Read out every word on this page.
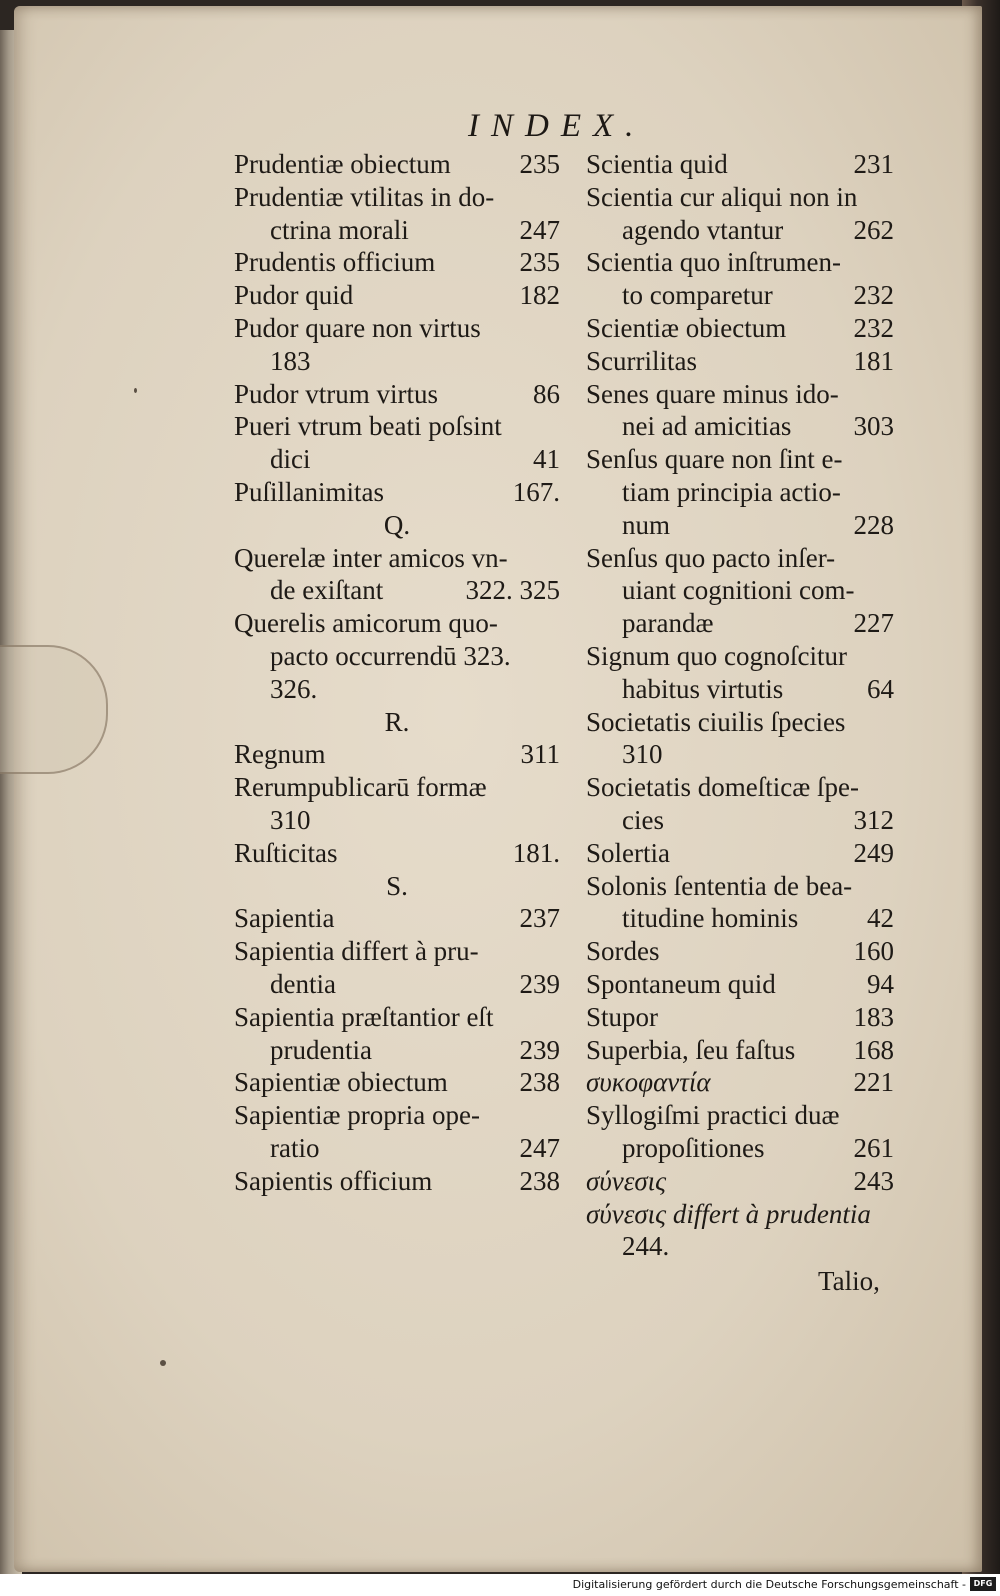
INDEX.
Prudentiæ obiectum	235
Prudentiæ vtilitas in do-
ctrina morali	247
Prudentis officium	235
Pudor quid	182
Pudor quare non virtus
183
Pudor vtrum virtus	86
Pueri vtrum beati poſsint
dici	41
Puſillanimitas	167.
Q.
Querelæ inter amicos vn-
de exiſtant	322. 325
Querelis amicorum quo-
pacto occurrendū 323.
326.
R.
Regnum	311
Rerumpublicarū formæ
310
Ruſticitas	181.
S.
Sapientia	237
Sapientia differt à pru-
dentia	239
Sapientia præſtantior eſt
prudentia	239
Sapientiæ obiectum	238
Sapientiæ propria ope-
ratio	247
Sapientis officium	238
Scientia quid	231
Scientia cur aliqui non in
agendo vtantur	262
Scientia quo inſtrumen-
to comparetur	232
Scientiæ obiectum 232
Scurrilitas	181
Senes quare minus ido-
nei ad amicitias 303
Senſus quare non ſint e-
tiam principia actio-
num	228
Senſus quo pacto inſer-
uiant cognitioni com-
parandæ	227
Signum quo cognoſcitur
habitus virtutis	64
Societatis ciuilis ſpecies
310
Societatis domeſticæ ſpe-
cies	312
Solertia	249
Solonis ſententia de bea-
titudine hominis	42
Sordes	160
Spontaneum quid	94
Stupor	183
Superbia, ſeu faſtus 168
συκοφαντία	221
Syllogiſmi practici duæ
propoſitiones	261
σύνεσις	243
σύνεσις differt à prudentia
244.
Talio,
Digitalisierung gefördert durch die Deutsche Forschungsgemeinschaft - DFG
